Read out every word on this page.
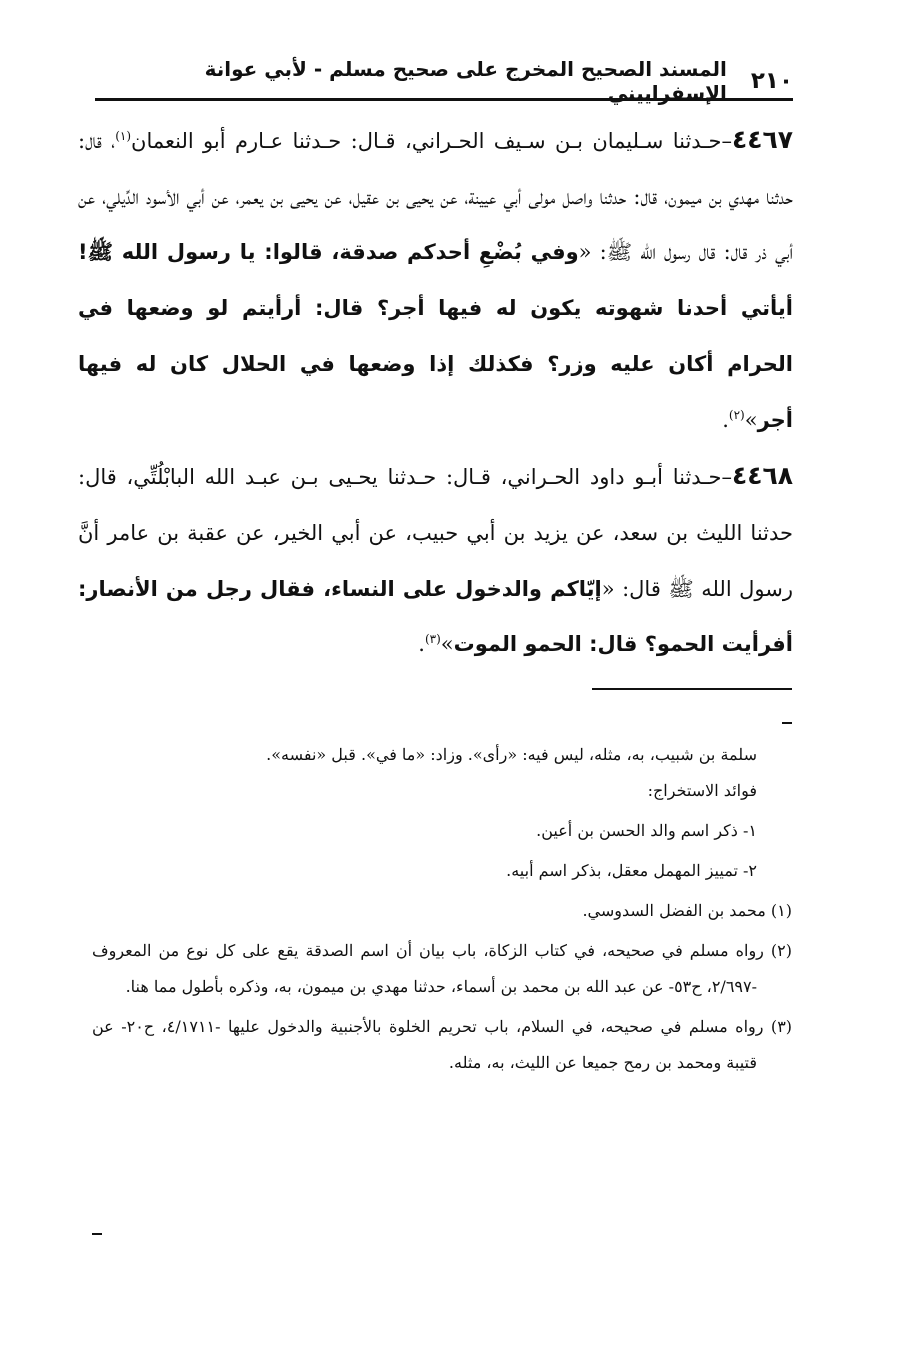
٢١٠
المسند الصحيح المخرج على صحيح مسلم - لأبي عوانة الإسفراييني

٤٤٦٧–حـدثنا سـليمان بـن سـيف الحـراني، قـال: حـدثنا عـارم أبو النعمان$^{(١)}$، قال: حدثنا مهدي بن ميمون، قال: حدثنا واصل مولى أبي عيينة، عن يحيى بن عقيل، عن يحيى بن يعمر، عن أبي الأسود الدِّيلي، عن أبي ذر قال: قال رسول الله ﷺ: «وفي بُضْعِ أحدكم صدقة، قالوا: يا رسول الله ﷺ! أيأتي أحدنا شهوته يكون له فيها أجر؟ قال: أرأيتم لو وضعها في الحرام أكان عليه وزر؟ فكذلك إذا وضعها في الحلال كان له فيها أجر»$^{(٢)}$.

٤٤٦٨–حـدثنا أبـو داود الحـراني، قـال: حـدثنا يحـيى بـن عبـد الله البابْلُتِّي، قال: حدثنا الليث بن سعد، عن يزيد بن أبي حبيب، عن أبي الخير، عن عقبة بن عامر أنَّ رسول الله ﷺ قال: «إيّاكم والدخول على النساء، فقال رجل من الأنصار: أفرأيت الحمو؟ قال: الحمو الموت»$^{(٣)}$.

سلمة بن شبيب، به، مثله، ليس فيه: «رأى». وزاد: «ما في». قبل «نفسه».

فوائد الاستخراج:

١- ذكر اسم والد الحسن بن أعين.

٢- تمييز المهمل معقل، بذكر اسم أبيه.

(١) محمد بن الفضل السدوسي.

(٢) رواه مسلم في صحيحه، في كتاب الزكاة، باب بيان أن اسم الصدقة يقع على كل نوع من المعروف -٢/٦٩٧، ح٥٣- عن عبد الله بن محمد بن أسماء، حدثنا مهدي بن ميمون، به، وذكره بأطول مما هنا.

(٣) رواه مسلم في صحيحه، في السلام، باب تحريم الخلوة بالأجنبية والدخول عليها -٤/١٧١١، ح٢٠- عن قتيبة ومحمد بن رمح جميعا عن الليث، به، مثله.
